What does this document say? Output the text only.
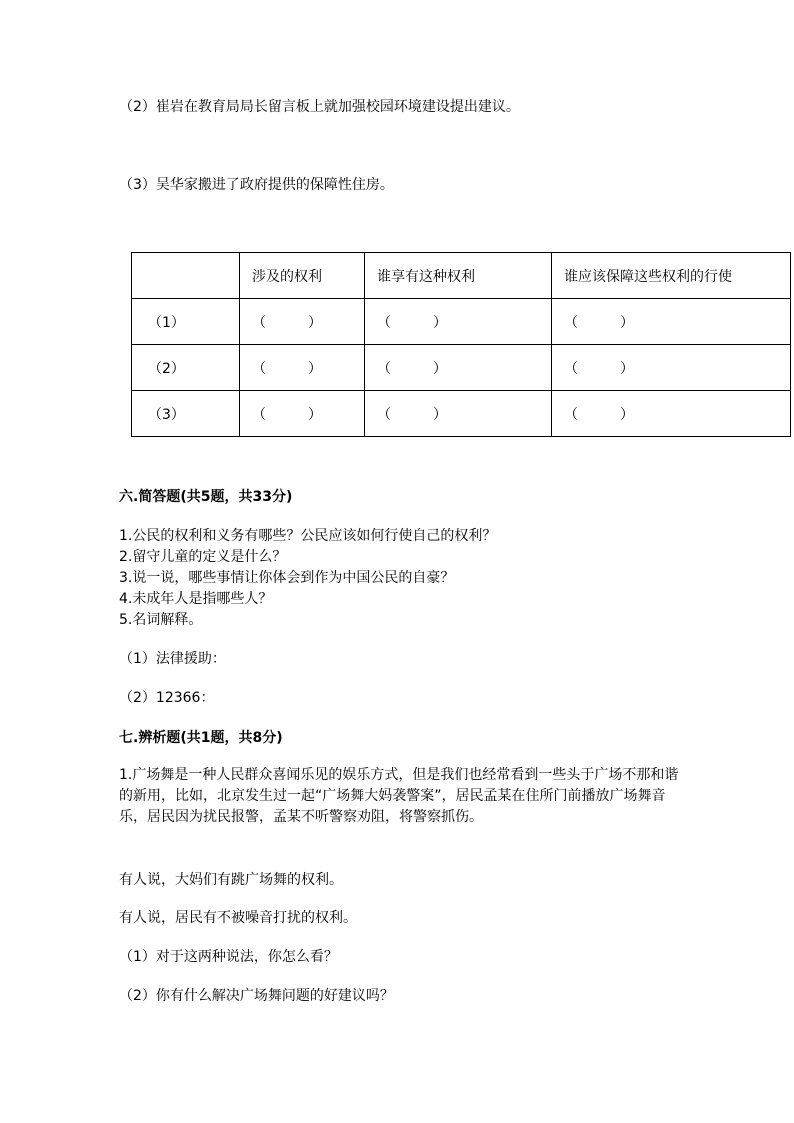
（2）崔岩在教育局局长留言板上就加强校园环境建设提出建议。
（3）吴华家搬进了政府提供的保障性住房。
	涉及的权利	谁享有这种权利	谁应该保障这些权利的行使
（1）	（　　　）	（　　　）	（　　　）
（2）	（　　　）	（　　　）	（　　　）
（3）	（　　　）	（　　　）	（　　　）
六.简答题(共5题，共33分)
1.公民的权利和义务有哪些？公民应该如何行使自己的权利？
2.留守儿童的定义是什么？
3.说一说，哪些事情让你体会到作为中国公民的自豪？
4.未成年人是指哪些人？
5.名词解释。
（1）法律援助：
（2）12366：
七.辨析题(共1题，共8分)
1.广场舞是一种人民群众喜闻乐见的娱乐方式，但是我们也经常看到一些头于广场不那和谐的新用，比如，北京发生过一起“广场舞大妈袭警案”，居民孟某在住所门前播放广场舞音乐，居民因为扰民报警，孟某不听警察劝阻，将警察抓伤。
有人说，大妈们有跳广场舞的权利。
有人说，居民有不被噪音打扰的权利。
（1）对于这两种说法，你怎么看？
（2）你有什么解决广场舞问题的好建议吗？
